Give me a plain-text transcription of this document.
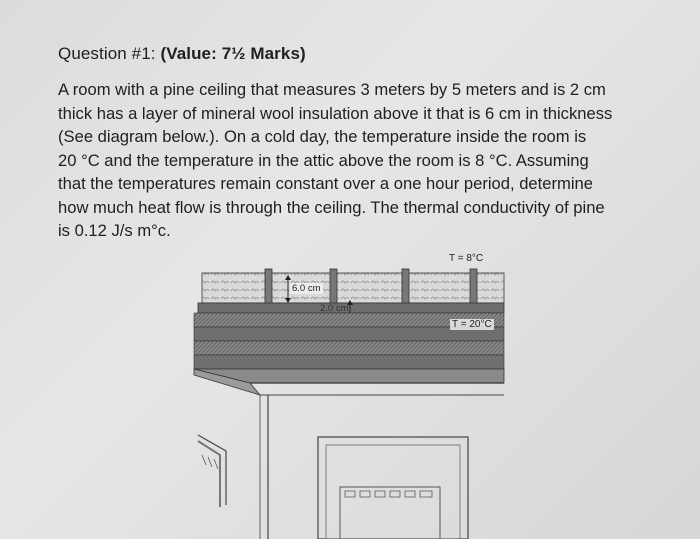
Question #1: (Value: 7½ Marks)
A room with a pine ceiling that measures 3 meters by 5 meters and is 2 cm
thick has a layer of mineral wool insulation above it that is 6 cm in thickness
(See diagram below.). On a cold day, the temperature inside the room is
20 °C and the temperature in the attic above the room is 8 °C. Assuming
that the temperatures remain constant over a one hour period, determine
how much heat flow is through the ceiling. The thermal conductivity of pine
is 0.12 J/s m°c.
T = 8°C
6.0 cm
2.0 cm
T = 20°C
